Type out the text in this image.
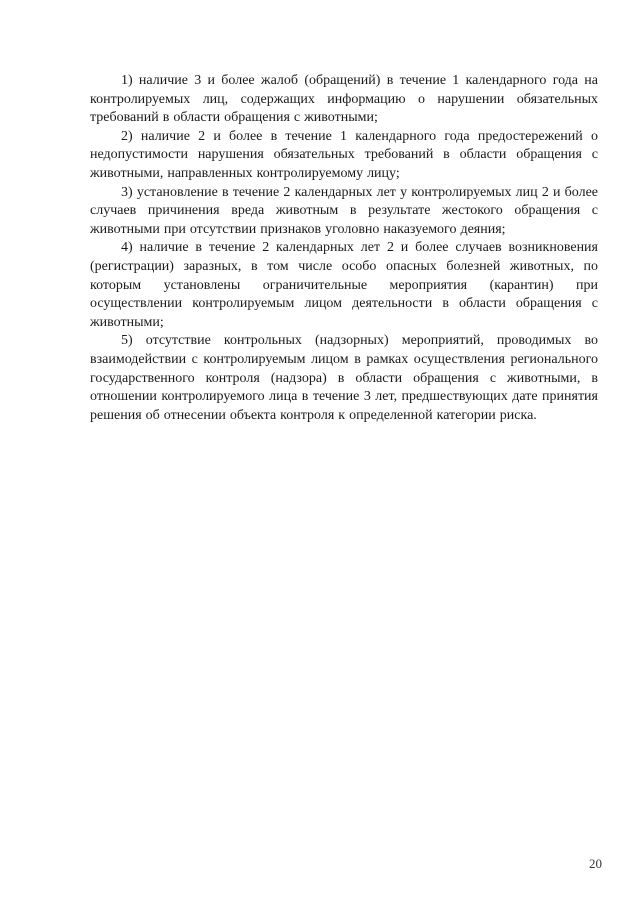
1) наличие 3 и более жалоб (обращений) в течение 1 календарного года на контролируемых лиц, содержащих информацию о нарушении обязательных требований в области обращения с животными;

2) наличие 2 и более в течение 1 календарного года предостережений о недопустимости нарушения обязательных требований в области обращения с животными, направленных контролируемому лицу;

3) установление в течение 2 календарных лет у контролируемых лиц 2 и более случаев причинения вреда животным в результате жестокого обращения с животными при отсутствии признаков уголовно наказуемого деяния;

4) наличие в течение 2 календарных лет 2 и более случаев возникновения (регистрации) заразных, в том числе особо опасных болезней животных, по которым установлены ограничительные мероприятия (карантин) при осуществлении контролируемым лицом деятельности в области обращения с животными;

5) отсутствие контрольных (надзорных) мероприятий, проводимых во взаимодействии с контролируемым лицом в рамках осуществления регионального государственного контроля (надзора) в области обращения с животными, в отношении контролируемого лица в течение 3 лет, предшествующих дате принятия решения об отнесении объекта контроля к определенной категории риска.

20
